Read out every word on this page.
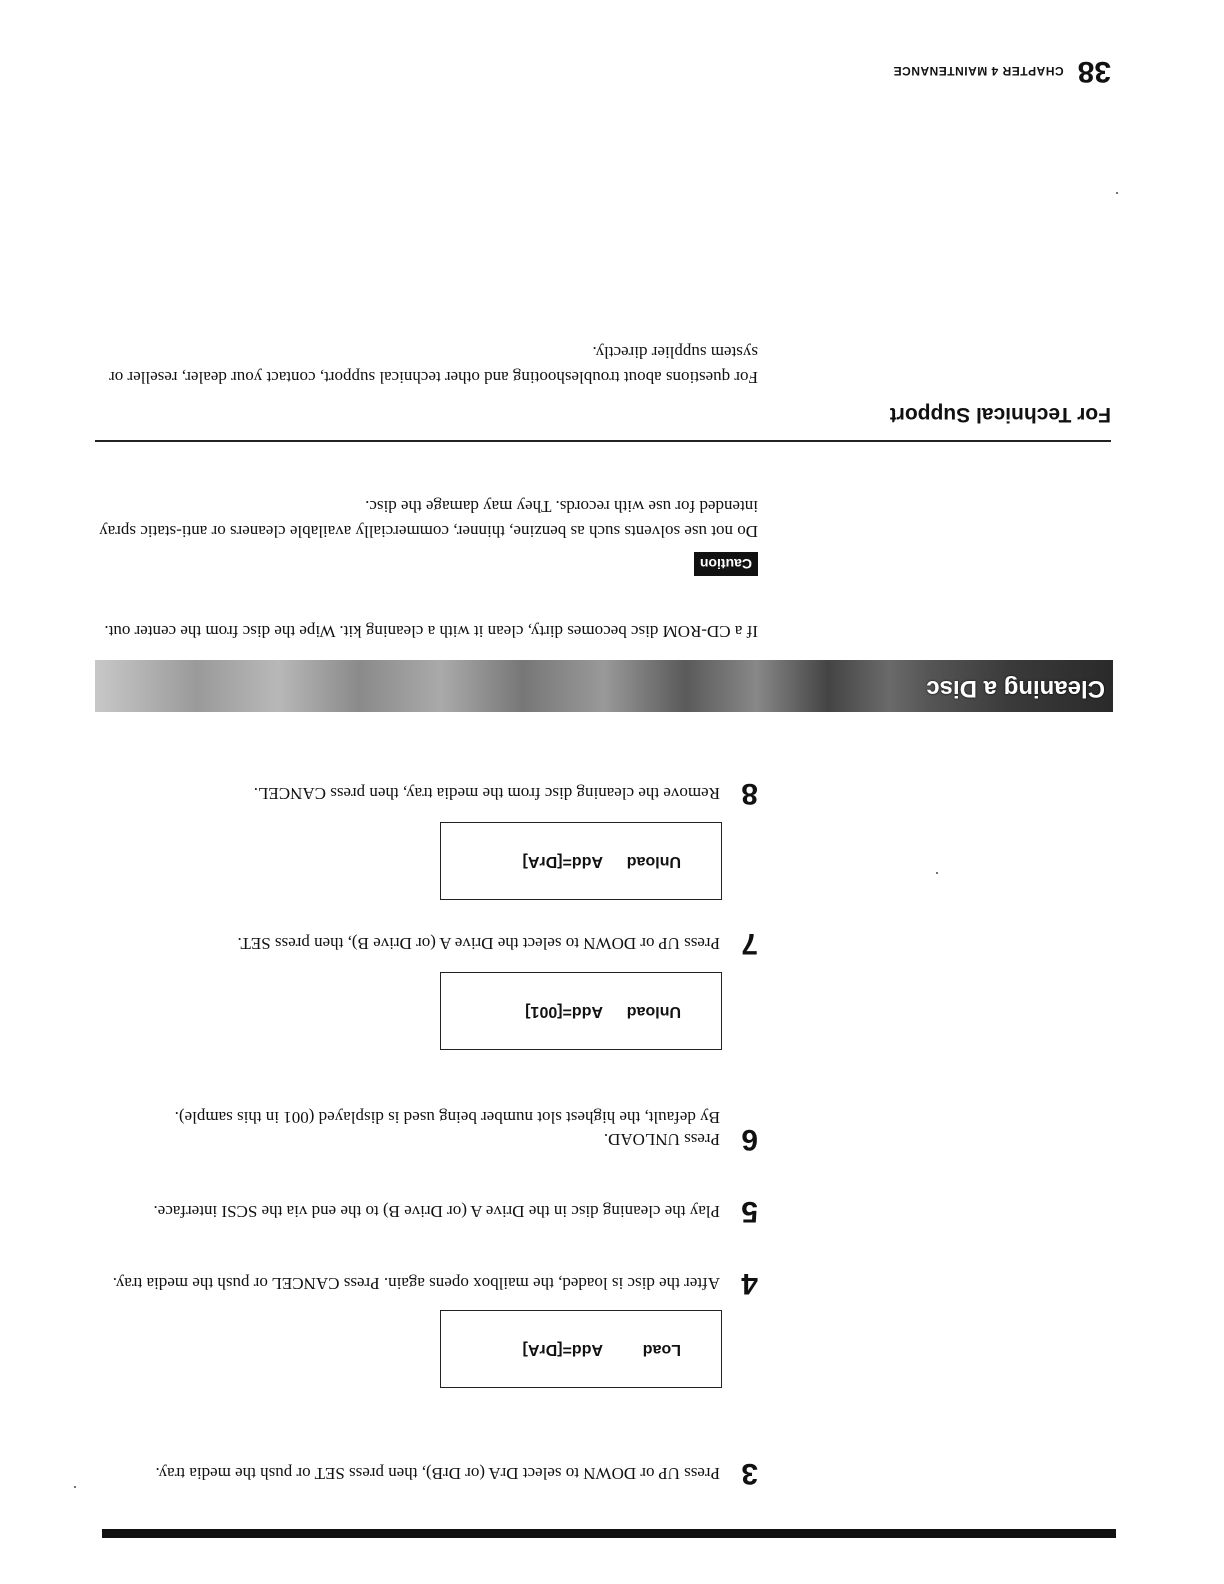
3
Press UP or DOWN to select DrA (or DrB), then press SET or push the media tray.
Load
Add=[DrA]
4
After the disc is loaded, the mailbox opens again. Press CANCEL or push the media tray.
5
Play the cleaning disc in the Drive A (or Drive B) to the end via the SCSI interface.
6
Press UNLOAD.
By default, the highest slot number being used is displayed (001 in this sample).
Unload
Add=[001]
7
Press UP or DOWN to select the Drive A (or Drive B), then press SET.
Unload
Add=[DrA]
8
Remove the cleaning disc from the media tray, then press CANCEL.
Cleaning a Disc
If a CD-ROM disc becomes dirty, clean it with a cleaning kit. Wipe the disc from the center out.
Caution
Do not use solvents such as benzine, thinner, commercially available cleaners or anti-static spray intended for use with records. They may damage the disc.
For Technical Support
For questions about troubleshooting and other technical support, contact your dealer, reseller or system supplier directly.
38 CHAPTER 4 MAINTENANCE
